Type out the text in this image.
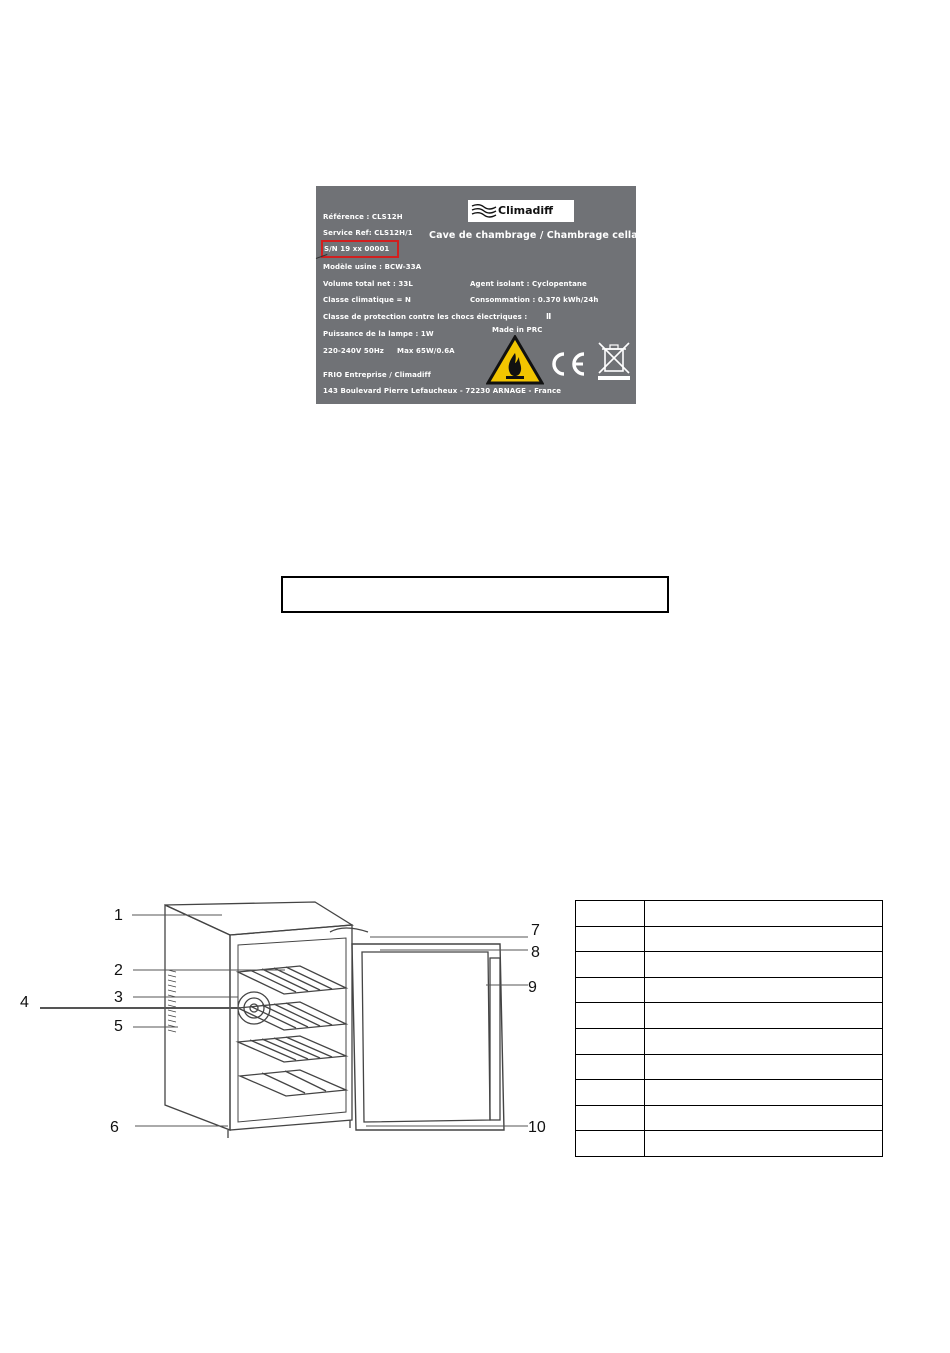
Climadiff
Référence : CLS12H
Cave de chambrage / Chambrage cellar
Service Ref: CLS12H/1
S/N 19 xx 00001
Modèle usine : BCW-33A
Volume total net : 33L	Agent isolant : Cyclopentane
Classe climatique = N	Consommation : 0.370 kWh/24h
Classe de protection contre les chocs électriques : Ⅱ
Made in PRC
Puissance de la lampe : 1W
220-240V 50Hz Max 65W/0.6A
FRIO Entreprise / Climadiff
143 Boulevard Pierre Lefaucheux - 72230 ARNAGE - France
1
2
3
4
5
6
7
8
9
10
